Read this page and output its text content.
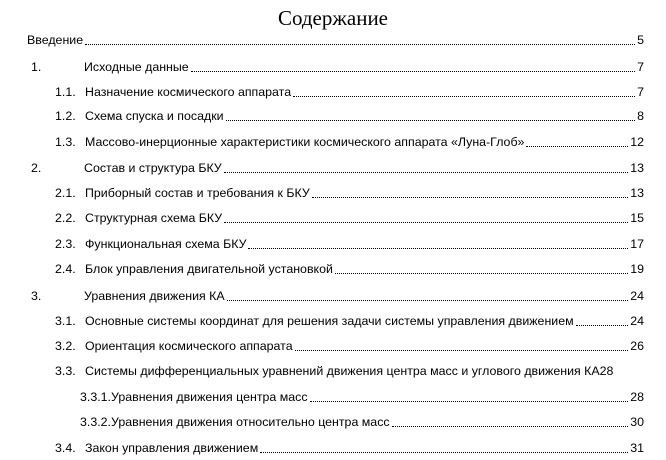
Содержание
Введение	5
1.	Исходные данные	7
1.1. Назначение космического аппарата	7
1.2. Схема спуска и посадки	8
1.3. Массово-инерционные характеристики космического аппарата «Луна-Глоб»	12
2.	Состав и структура БКУ	13
2.1. Приборный состав и требования к БКУ	13
2.2. Структурная схема БКУ	15
2.3. Функциональная схема БКУ	17
2.4. Блок управления двигательной установкой	19
3.	Уравнения движения КА	24
3.1. Основные системы координат для решения задачи системы управления движением	24
3.2. Ориентация космического аппарата	26
3.3. Системы дифференциальных уравнений движения центра масс и углового движения КА 28
3.3.1. Уравнения движения центра масс	28
3.3.2. Уравнения движения относительно центра масс	30
3.4. Закон управления движением	31
